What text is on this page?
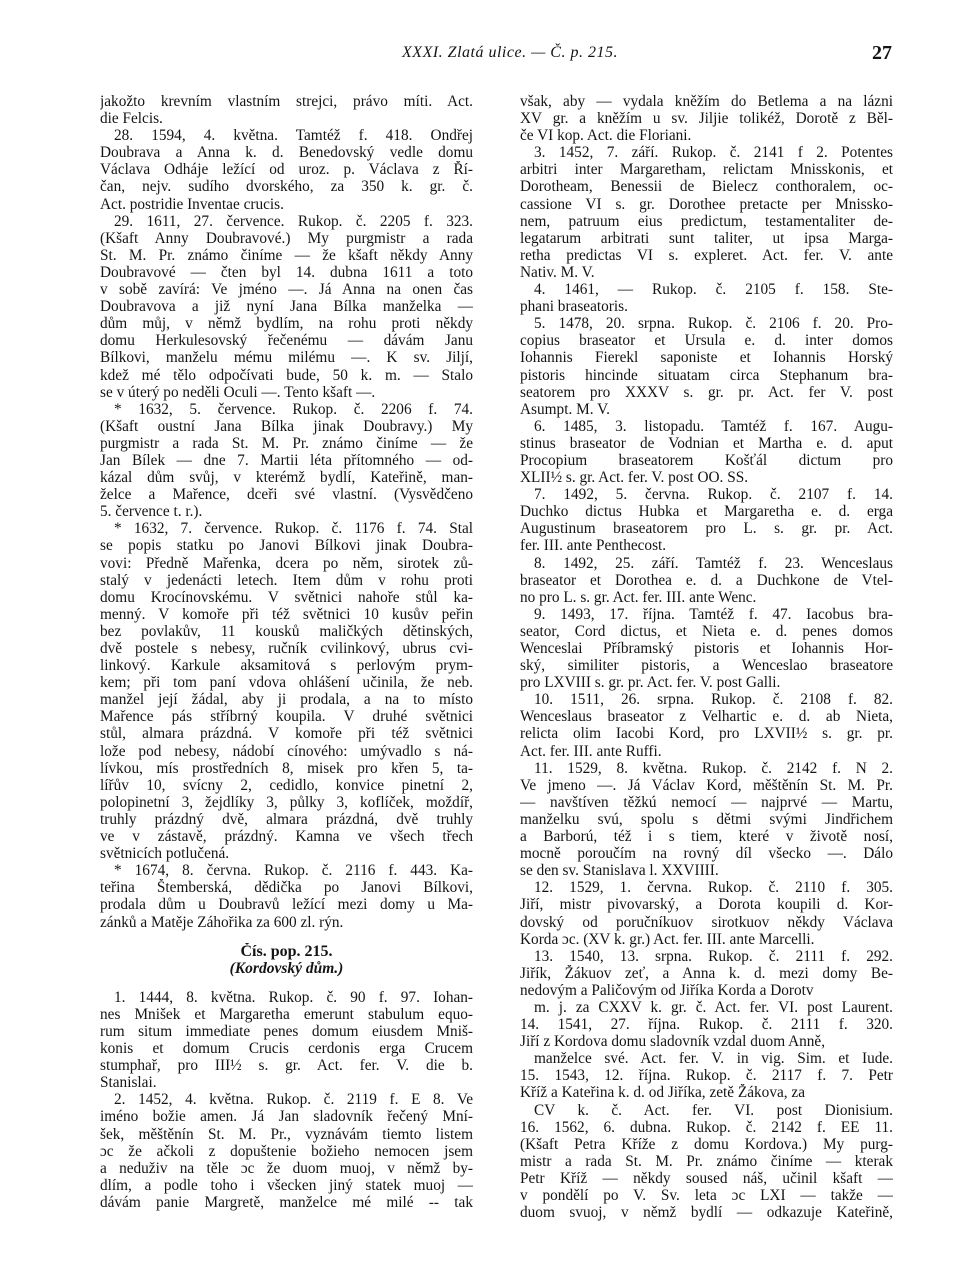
XXXI. Zlatá ulice. — Č. p. 215.	27
jakožto krevním vlastním strejci, právo míti. Act.
die Felcis.
28. 1594, 4. května. Tamtéž f. 418. Ondřej
Doubrava a Anna k. d. Benedovský vedle domu
Václava Odháje ležící od uroz. p. Václava z Ří-
čan, nejv. sudího dvorského, za 350 k. gr. č.
Act. postridie Inventae crucis.
29. 1611, 27. července. Rukop. č. 2205 f. 323.
(Kšaft Anny Doubravové.) My purgmistr a rada
St. M. Pr. známo činíme — že kšaft někdy Anny
Doubravové — čten byl 14. dubna 1611 a toto
v sobě zavírá: Ve jméno —. Já Anna na onen čas
Doubravova a již nyní Jana Bílka manželka —
dům můj, v němž bydlím, na rohu proti někdy
domu Herkulesovský řečenému — dávám Janu
Bílkovi, manželu mému milému —. K sv. Jiljí,
kdež mé tělo odpočívati bude, 50 k. m. — Stalo
se v úterý po neděli Oculi —. Tento kšaft —.
* 1632, 5. července. Rukop. č. 2206 f. 74.
(Kšaft oustní Jana Bílka jinak Doubravy.) My
purgmistr a rada St. M. Pr. známo činíme — že
Jan Bílek — dne 7. Martii léta přítomného — od-
kázal dům svůj, v kterémž bydlí, Kateřině, man-
želce a Mařence, dceři své vlastní. (Vysvědčeno
5. července t. r.).
* 1632, 7. července. Rukop. č. 1176 f. 74. Stal
se popis statku po Janovi Bílkovi jinak Doubra-
vovi: Předně Mařenka, dcera po něm, sirotek zů-
stalý v jedenácti letech. Item dům v rohu proti
domu Krocínovskému. V světnici nahoře stůl ka-
menný. V komoře při též světnici 10 kusův peřin
bez povlakův, 11 kousků maličkých dětinských,
dvě postele s nebesy, ručník cvilinkový, ubrus cvi-
linkový. Karkule aksamitová s perlovým prym-
kem; při tom paní vdova ohlášení učinila, že neb.
manžel její žádal, aby ji prodala, a na to místo
Mařence pás stříbrný koupila. V druhé světnici
stůl, almara prázdná. V komoře při též světnici
lože pod nebesy, nádobí cínového: umývadlo s ná-
lívkou, mís prostředních 8, misek pro křen 5, ta-
lířův 10, svícny 2, cedidlo, konvice pinetní 2,
polopinetní 3, žejdlíky 3, půlky 3, koflíček, moždíř,
truhly prázdný dvě, almara prázdná, dvě truhly
ve v zástavě, prázdný. Kamna ve všech třech
světnicích potlučená.
* 1674, 8. června. Rukop. č. 2116 f. 443. Ka-
teřina Štemberská, dědička po Janovi Bílkovi,
prodala dům u Doubravů ležící mezi domy u Ma-
zánků a Matěje Záhořika za 600 zl. rýn.
Čís. pop. 215.
(Kordovský dům.)
1. 1444, 8. května. Rukop. č. 90 f. 97. Iohan-
nes Mnišek et Margaretha emerunt stabulum equo-
rum situm immediate penes domum eiusdem Mniš-
konis et domum Crucis cerdonis erga Crucem
stumphař, pro III½ s. gr. Act. fer. V. die b.
Stanislai.
2. 1452, 4. května. Rukop. č. 2119 f. E 8. Ve
iméno božie amen. Já Jan sladovník řečený Mní-
šek, měštěnín St. M. Pr., vyznávám tiemto listem
ɔc že ačkoli z dopuštenie božieho nemocen jsem
a neduživ na těle ɔc že duom muoj, v němž by-
dlím, a podle toho i všecken jiný statek muoj —
dávám panie Margretě, manželce mé milé -- tak
však, aby — vydala kněžím do Betlema a na lázni
XV gr. a kněžím u sv. Jiljie tolikéž, Dorotě z Běl-
če VI kop. Act. die Floriani.
3. 1452, 7. září. Rukop. č. 2141 f 2. Potentes
arbitri inter Margaretham, relictam Mnisskonis, et
Dorotheam, Benessii de Bielecz conthoralem, oc-
cassione VI s. gr. Dorothee pretacte per Mnissko-
nem, patruum eius predictum, testamentaliter de-
legatarum arbitrati sunt taliter, ut ipsa Marga-
retha predictas VI s. expleret. Act. fer. V. ante
Nativ. M. V.
4. 1461, — Rukop. č. 2105 f. 158. Ste-
phani braseatoris.
5. 1478, 20. srpna. Rukop. č. 2106 f. 20. Pro-
copius braseator et Ursula e. d. inter domos
Iohannis Fierekl saponiste et Iohannis Horský
pistoris hincinde situatam circa Stephanum bra-
seatorem pro XXXV s. gr. pr. Act. fer V. post
Asumpt. M. V.
6. 1485, 3. listopadu. Tamtéž f. 167. Augu-
stinus braseator de Vodnian et Martha e. d. aput
Procopium braseatorem Košťál dictum pro
XLII½ s. gr. Act. fer. V. post OO. SS.
7. 1492, 5. června. Rukop. č. 2107 f. 14.
Duchko dictus Hubka et Margaretha e. d. erga
Augustinum braseatorem pro L. s. gr. pr. Act.
fer. III. ante Penthecost.
8. 1492, 25. září. Tamtéž f. 23. Wenceslaus
braseator et Dorothea e. d. a Duchkone de Vtel-
no pro L. s. gr. Act. fer. III. ante Wenc.
9. 1493, 17. října. Tamtéž f. 47. Iacobus bra-
seator, Cord dictus, et Nieta e. d. penes domos
Wenceslai Příbramský pistoris et Iohannis Hor-
ský, similiter pistoris, a Wenceslao braseatore
pro LXVIII s. gr. pr. Act. fer. V. post Galli.
10. 1511, 26. srpna. Rukop. č. 2108 f. 82.
Wenceslaus braseator z Velhartic e. d. ab Nieta,
relicta olim Iacobi Kord, pro LXVII½ s. gr. pr.
Act. fer. III. ante Ruffi.
11. 1529, 8. května. Rukop. č. 2142 f. N 2.
Ve jmeno —. Já Václav Kord, měštěnín St. M. Pr.
— navštíven těžkú nemocí — najprvé — Martu,
manželku svú, spolu s dětmi svými Jindřichem
a Barború, též i s tiem, které v životě nosí,
mocně poroučím na rovný díl všecko —. Dálo
se den sv. Stanislava l. XXVIIII.
12. 1529, 1. června. Rukop. č. 2110 f. 305.
Jiří, mistr pivovarský, a Dorota koupili d. Kor-
dovský od poručníkuov sirotkuov někdy Václava
Korda ɔc. (XV k. gr.) Act. fer. III. ante Marcelli.
13. 1540, 13. srpna. Rukop. č. 2111 f. 292.
Jiřík, Žákuov zeť, a Anna k. d. mezi domy Be-
nedovým a Paličovým od Jiříka Korda a Dorotv
m. j. za CXXV k. gr. č. Act. fer. VI. post Laurent.
14. 1541, 27. října. Rukop. č. 2111 f. 320.
Jiří z Kordova domu sladovník vzdal duom Anně,
manželce své. Act. fer. V. in vig. Sim. et Iude.
15. 1543, 12. října. Rukop. č. 2117 f. 7. Petr
Kříž a Kateřina k. d. od Jiříka, zetě Žákova, za
CV k. č. Act. fer. VI. post Dionisium.
16. 1562, 6. dubna. Rukop. č. 2142 f. EE 11.
(Kšaft Petra Kříže z domu Kordova.) My purg-
mistr a rada St. M. Pr. známo činíme — kterak
Petr Kříž — někdy soused náš, učinil kšaft —
v pondělí po V. Sv. leta ɔc LXI — takže —
duom svuoj, v němž bydlí — odkazuje Kateřině,
